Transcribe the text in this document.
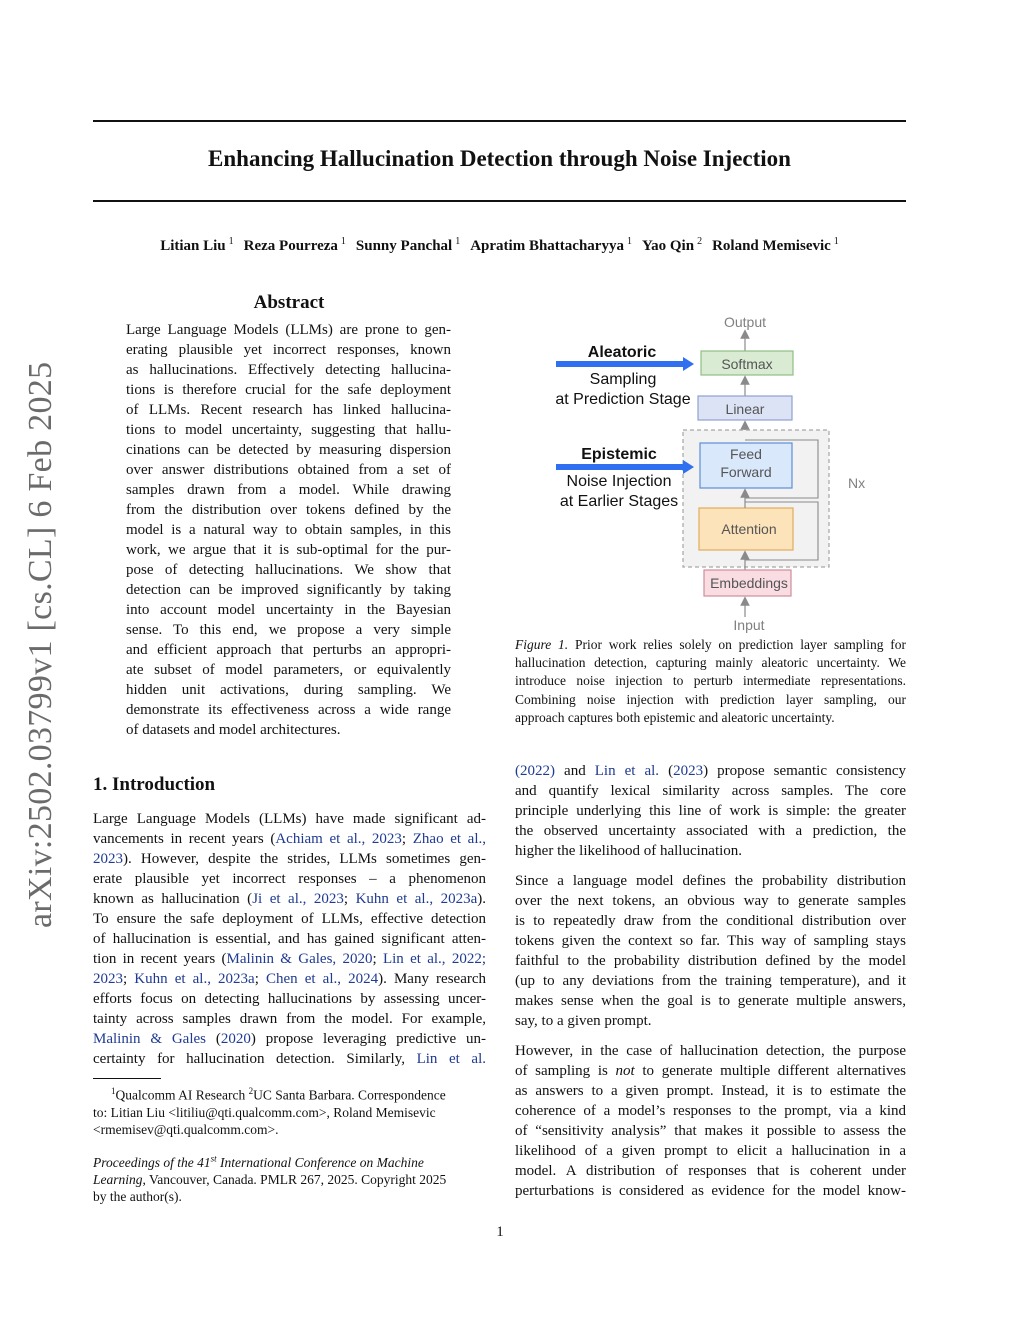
Enhancing Hallucination Detection through Noise Injection
Litian Liu $^1$ Reza Pourreza $^1$ Sunny Panchal $^1$ Apratim Bhattacharyya $^1$ Yao Qin $^2$ Roland Memisevic $^1$
arXiv:2502.03799v1 [cs.CL] 6 Feb 2025
Abstract
Large Language Models (LLMs) are prone to gen-
erating plausible yet incorrect responses, known
as hallucinations. Effectively detecting hallucina-
tions is therefore crucial for the safe deployment
of LLMs. Recent research has linked hallucina-
tions to model uncertainty, suggesting that hallu-
cinations can be detected by measuring dispersion
over answer distributions obtained from a set of
samples drawn from a model. While drawing
from the distribution over tokens defined by the
model is a natural way to obtain samples, in this
work, we argue that it is sub-optimal for the pur-
pose of detecting hallucinations. We show that
detection can be improved significantly by taking
into account model uncertainty in the Bayesian
sense. To this end, we propose a very simple
and efficient approach that perturbs an appropri-
ate subset of model parameters, or equivalently
hidden unit activations, during sampling. We
demonstrate its effectiveness across a wide range
of datasets and model architectures.
1. Introduction
Large Language Models (LLMs) have made significant ad-
vancements in recent years (Achiam et al., 2023; Zhao et al.,
2023). However, despite the strides, LLMs sometimes gen-
erate plausible yet incorrect responses – a phenomenon
known as hallucination (Ji et al., 2023; Kuhn et al., 2023a).
To ensure the safe deployment of LLMs, effective detection
of hallucination is essential, and has gained significant atten-
tion in recent years (Malinin & Gales, 2020; Lin et al., 2022;
2023; Kuhn et al., 2023a; Chen et al., 2024). Many research
efforts focus on detecting hallucinations by assessing uncer-
tainty across samples drawn from the model. For example,
Malinin & Gales (2020) propose leveraging predictive un-
certainty for hallucination detection. Similarly, Lin et al.
$^1$Qualcomm AI Research $^2$UC Santa Barbara. Correspondence
to: Litian Liu <litiliu@qti.qualcomm.com>, Roland Memisevic
<rmemisev@qti.qualcomm.com>.
Proceedings of the 41st International Conference on Machine
Learning, Vancouver, Canada. PMLR 267, 2025. Copyright 2025
by the author(s).
Output
Softmax
Linear
Feed
Forward
Attention
Nx
Embeddings
Input
Aleatoric
Sampling
at Prediction Stage
Epistemic
Noise Injection
at Earlier Stages
Figure 1. Prior work relies solely on prediction layer sampling for
hallucination detection, capturing mainly aleatoric uncertainty. We
introduce noise injection to perturb intermediate representations.
Combining noise injection with prediction layer sampling, our
approach captures both epistemic and aleatoric uncertainty.
(2022) and Lin et al. (2023) propose semantic consistency
and quantify lexical similarity across samples. The core
principle underlying this line of work is simple: the greater
the observed uncertainty associated with a prediction, the
higher the likelihood of hallucination.
Since a language model defines the probability distribution
over the next tokens, an obvious way to generate samples
is to repeatedly draw from the conditional distribution over
tokens given the context so far. This way of sampling stays
faithful to the probability distribution defined by the model
(up to any deviations from the training temperature), and it
makes sense when the goal is to generate multiple answers,
say, to a given prompt.
However, in the case of hallucination detection, the purpose
of sampling is not to generate multiple different alternatives
as answers to a given prompt. Instead, it is to estimate the
coherence of a model’s responses to the prompt, via a kind
of “sensitivity analysis” that makes it possible to assess the
likelihood of a given prompt to elicit a hallucination in a
model. A distribution of responses that is coherent under
perturbations is considered as evidence for the model know-
1
